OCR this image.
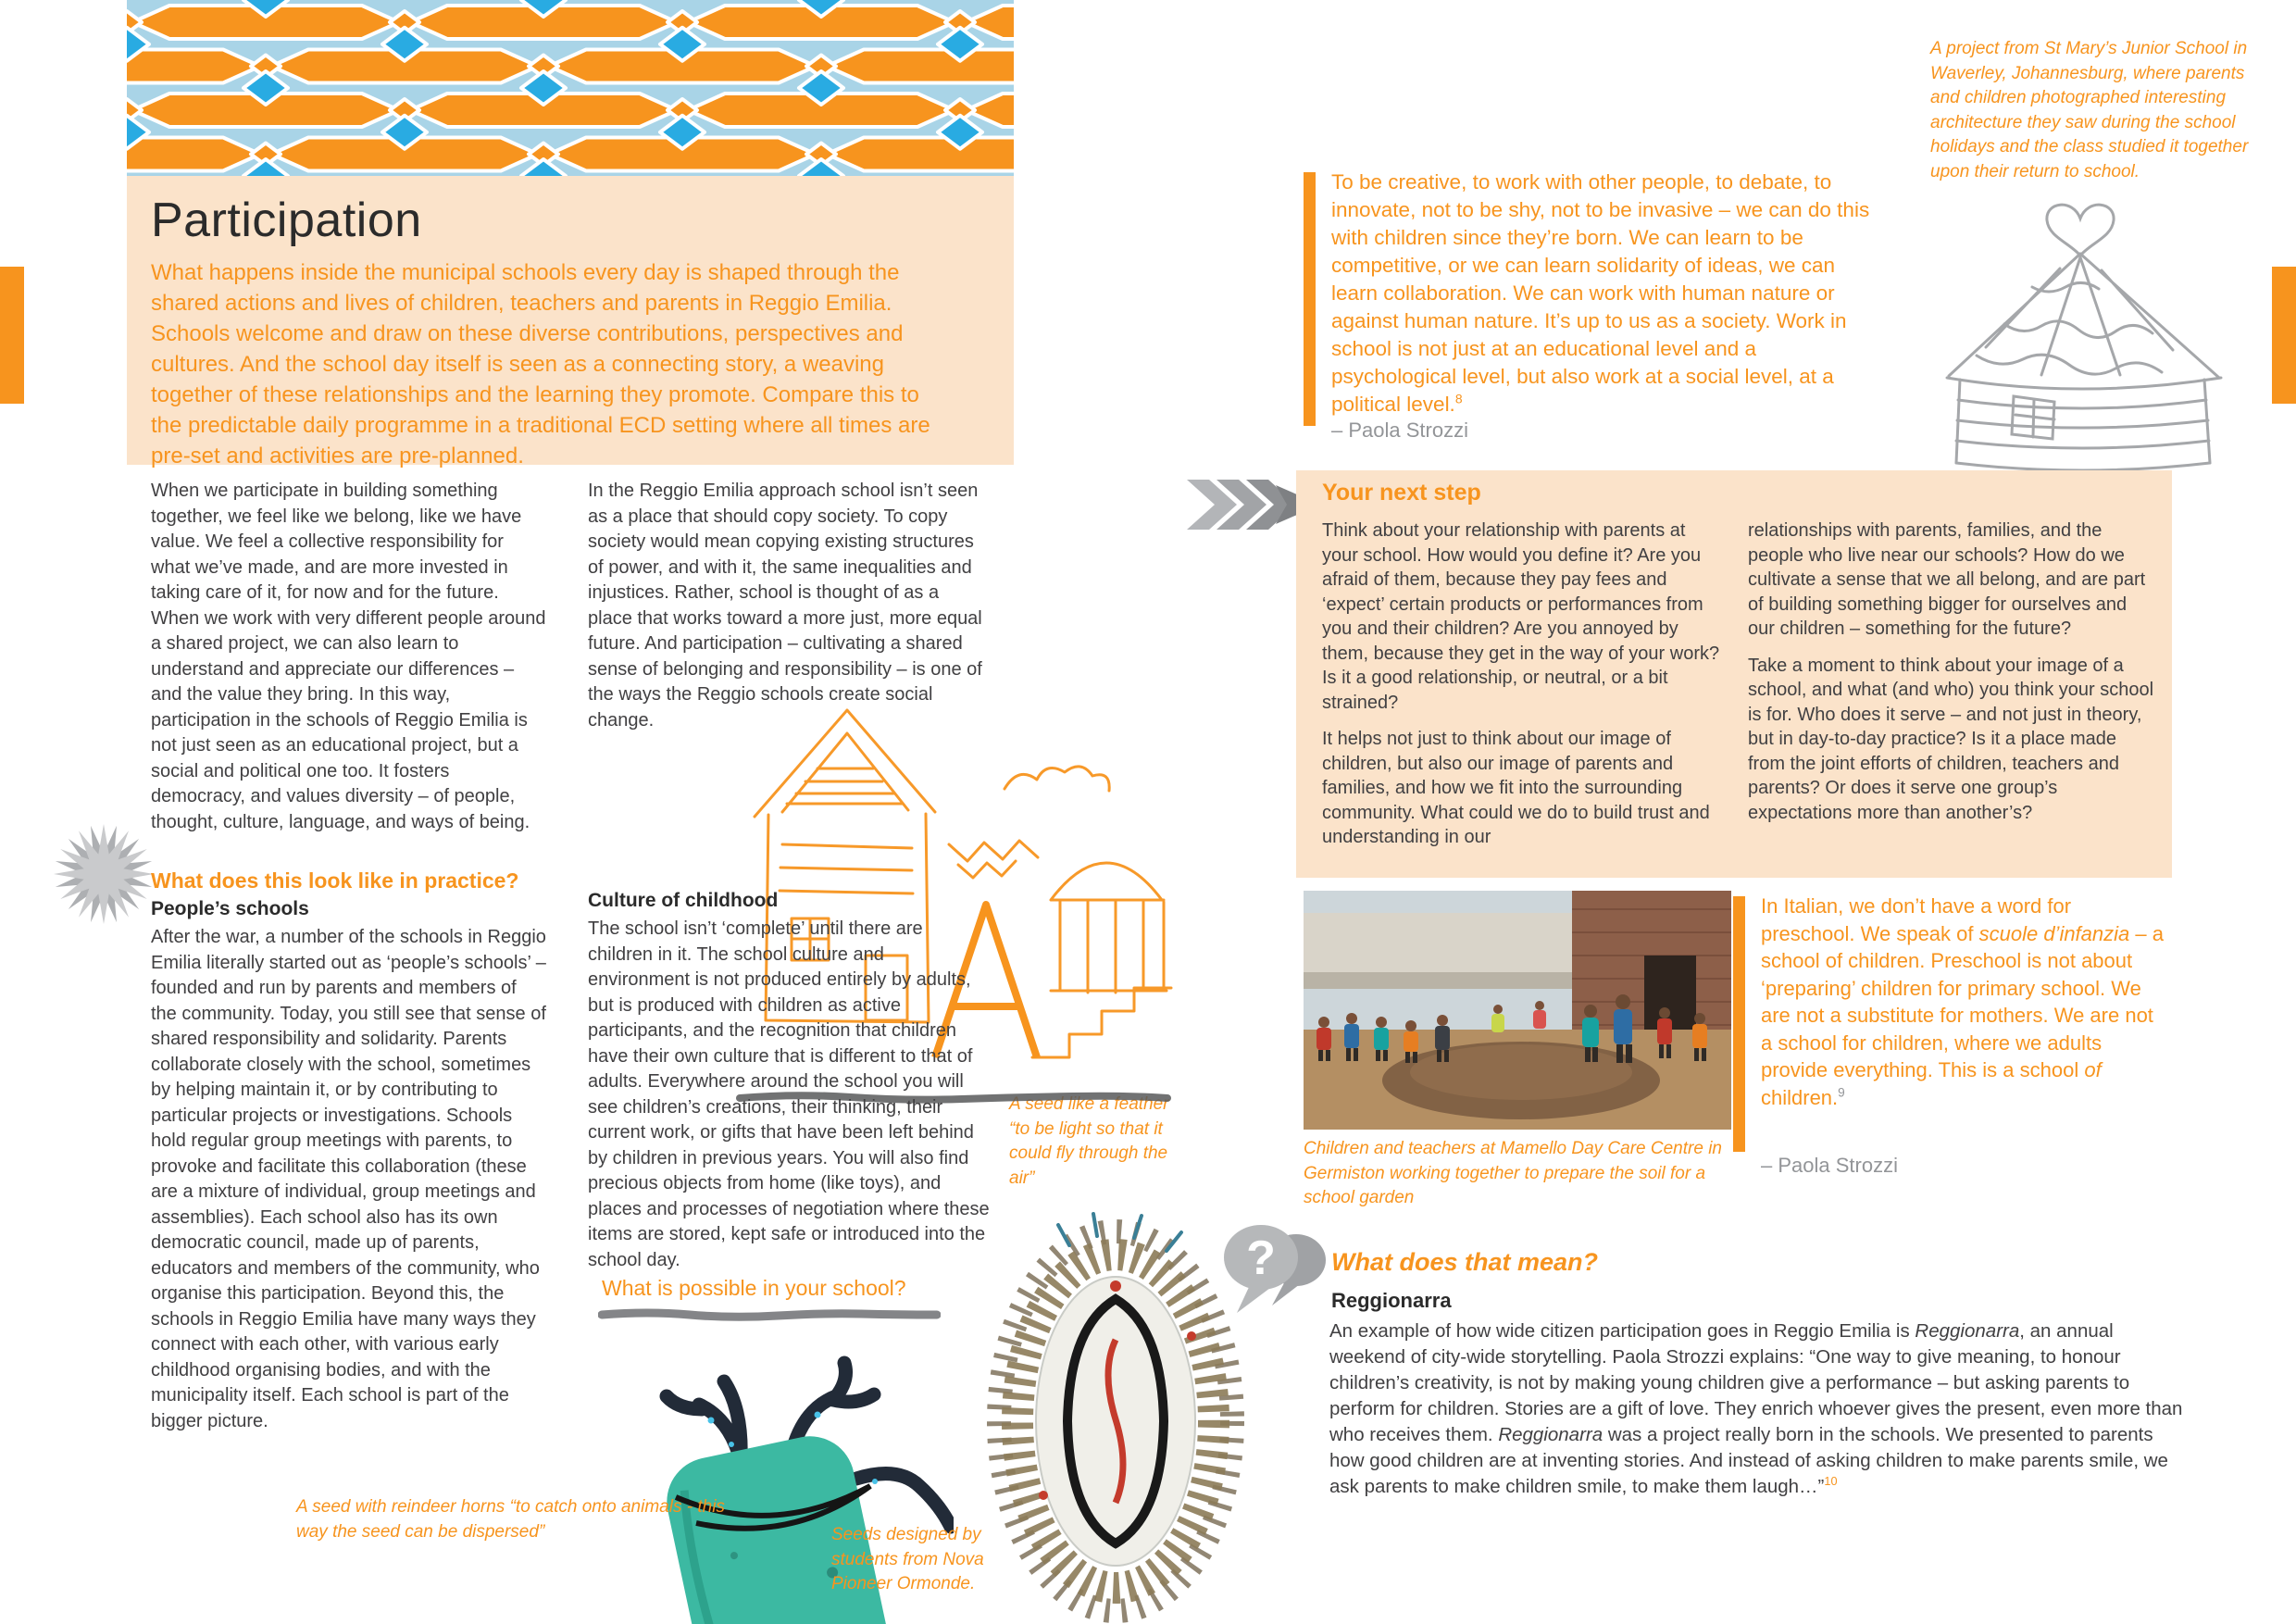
Participation
What happens inside the municipal schools every day is shaped through the shared actions and lives of children, teachers and parents in Reggio Emilia. Schools welcome and draw on these diverse contributions, perspectives and cultures. And the school day itself is seen as a connecting story, a weaving together of these relationships and the learning they promote. Compare this to the predictable daily programme in a traditional ECD setting where all times are pre-set and activities are pre-planned.
When we participate in building something together, we feel like we belong, like we have value. We feel a collective responsibility for what we’ve made, and are more invested in taking care of it, for now and for the future. When we work with very different people around a shared project, we can also learn to understand and appreciate our differences – and the value they bring. In this way, participation in the schools of Reggio Emilia is not just seen as an educational project, but a social and political one too. It fosters democracy, and values diversity – of people, thought, culture, language, and ways of being.
What does this look like in practice?
People’s schools
After the war, a number of the schools in Reggio Emilia literally started out as ‘people’s schools’ – founded and run by parents and members of the community. Today, you still see that sense of shared responsibility and solidarity. Parents collaborate closely with the school, sometimes by helping maintain it, or by contributing to particular projects or investigations. Schools hold regular group meetings with parents, to provoke and facilitate this collaboration (these are a mixture of individual, group meetings and assemblies). Each school also has its own democratic council, made up of parents, educators and members of the community, who organise this participation. Beyond this, the schools in Reggio Emilia have many ways they connect with each other, with various early childhood organising bodies, and with the municipality itself. Each school is part of the bigger picture.
In the Reggio Emilia approach school isn’t seen as a place that should copy society. To copy society would mean copying existing structures of power, and with it, the same inequalities and injustices. Rather, school is thought of as a place that works toward a more just, more equal future. And participation – cultivating a shared sense of belonging and responsibility – is one of the ways the Reggio schools create social change.
Culture of childhood
The school isn’t ‘complete’ until there are children in it. The school culture and environment is not produced entirely by adults, but is produced with children as active participants, and the recognition that children have their own culture that is different to that of adults. Everywhere around the school you will see children’s creations, their thinking, their current work, or gifts that have been left behind by children in previous years. You will also find precious objects from home (like toys), and places and processes of negotiation where these items are stored, kept safe or introduced into the school day.
What is possible in your school?
A seed with reindeer horns “to catch onto animals - this way the seed can be dispersed”	Seeds designed by students from Nova Pioneer Ormonde.
A seed like a feather “to be light so that it could fly through the air”
A project from St Mary’s Junior School in Waverley, Johannesburg, where parents and children photographed interesting architecture they saw during the school holidays and the class studied it together upon their return to school.
To be creative, to work with other people, to debate, to innovate, not to be shy, not to be invasive – we can do this with children since they’re born. We can learn to be competitive, or we can learn solidarity of ideas, we can learn collaboration. We can work with human nature or against human nature. It’s up to us as a society. Work in school is not just at an educational level and a psychological level, but also work at a social level, at a political level.$^8$
– Paola Strozzi
Your next step

Think about your relationship with parents at your school. How would you define it? Are you afraid of them, because they pay fees and ‘expect’ certain products or performances from you and their children? Are you annoyed by them, because they get in the way of your work? Is it a good relationship, or neutral, or a bit strained?

It helps not just to think about our image of children, but also our image of parents and families, and how we fit into the surrounding community. What could we do to build trust and understanding in our

relationships with parents, families, and the people who live near our schools? How do we cultivate a sense that we all belong, and are part of building something bigger for ourselves and our children – something for the future?

Take a moment to think about your image of a school, and what (and who) you think your school is for. Who does it serve – and not just in theory, but in day-to-day practice? Is it a place made from the joint efforts of children, teachers and parents? Or does it serve one group’s expectations more than another’s?

Children and teachers at Mamello Day Care Centre in Germiston working together to prepare the soil for a school garden
In Italian, we don’t have a word for preschool. We speak of scuole d’infanzia – a school of children. Preschool is not about ‘preparing’ children for primary school. We are not a substitute for mothers. We are not a school for children, where we adults provide everything. This is a school of children.$^9$
– Paola Strozzi
? What does that mean?
Reggionarra
An example of how wide citizen participation goes in Reggio Emilia is Reggionarra, an annual weekend of city-wide storytelling. Paola Strozzi explains: “One way to give meaning, to honour children’s creativity, is not by making young children give a performance – but asking parents to perform for children. Stories are a gift of love. They enrich whoever gives the present, even more than who receives them. Reggionarra was a project really born in the schools. We presented to parents how good children are at inventing stories. And instead of asking children to make parents smile, we ask parents to make children smile, to make them laugh…”$^{10}$
